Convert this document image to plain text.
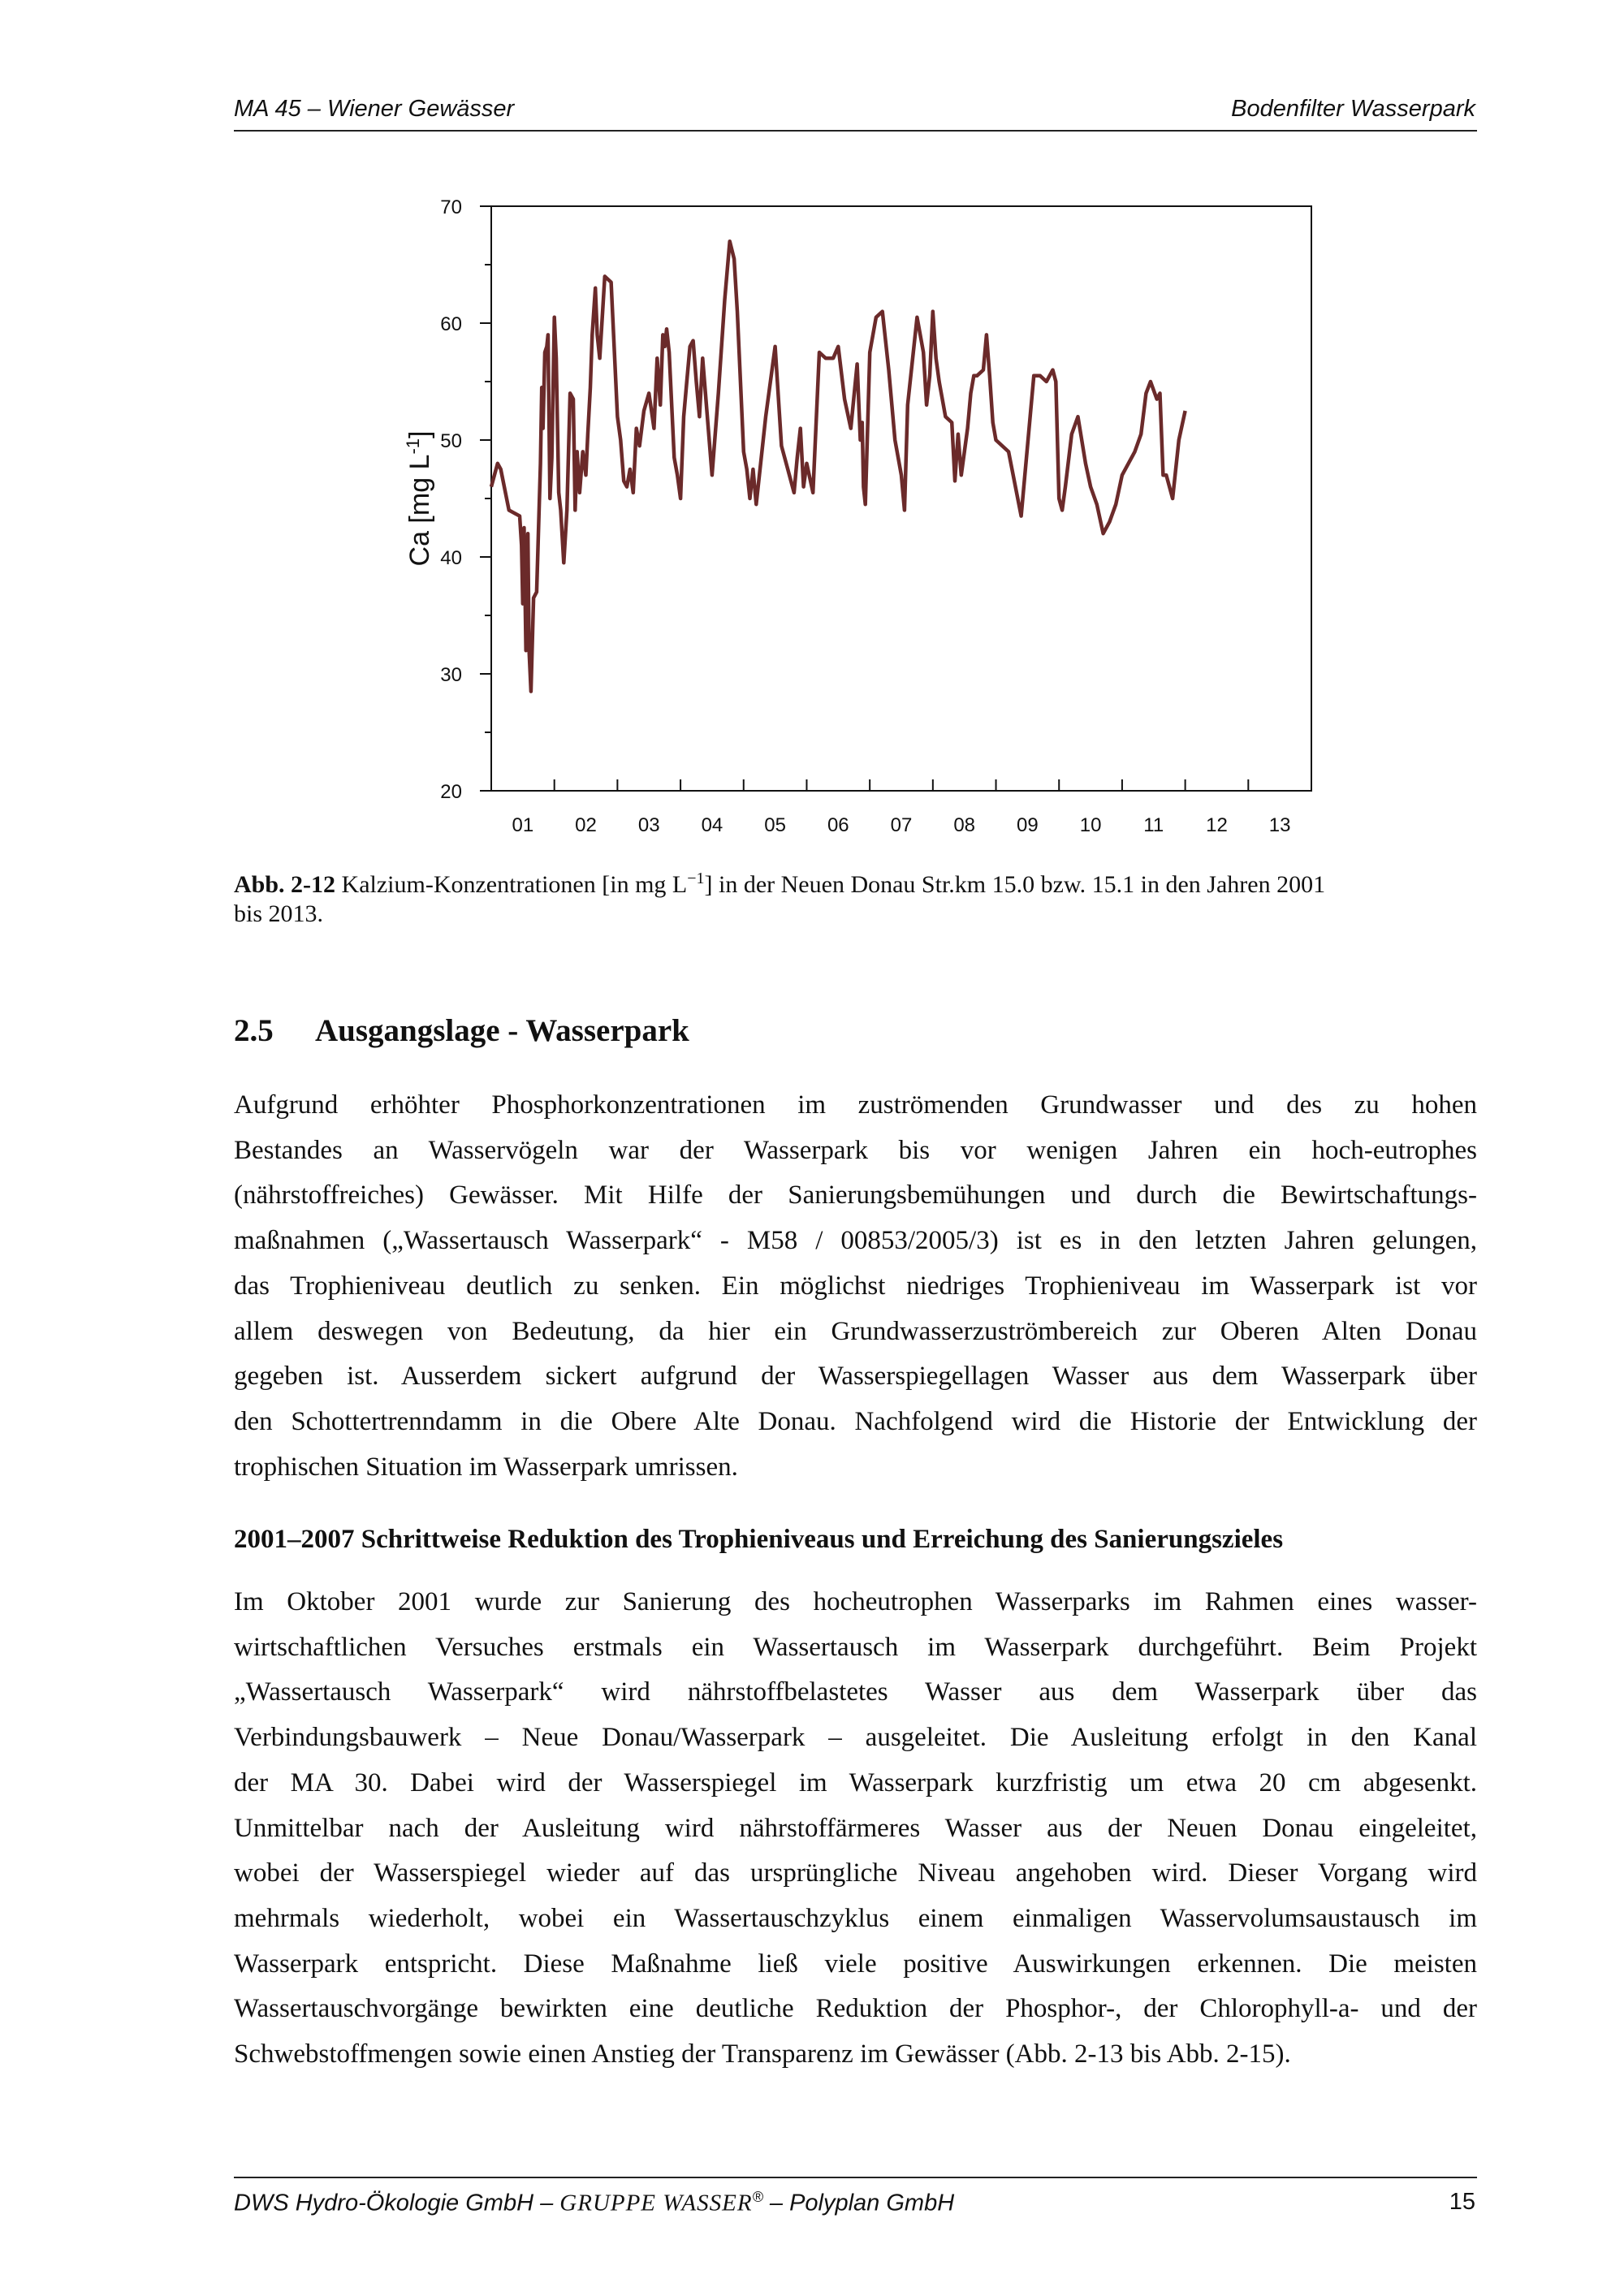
MA 45 – Wiener Gewässer	Bodenfilter Wasserpark
20
30
40
50
60
70
01 02 03 04 05 06 07 08 09 10 11 12 13
Ca [mg $L^{-1}$]
Abb. 2-12 Kalzium-Konzentrationen [in mg $L^{-1}$] in der Neuen Donau Str.km 15.0 bzw. 15.1 in den Jahren 2001
bis 2013.
2.5 Ausgangslage - Wasserpark
Aufgrund erhöhter Phosphorkonzentrationen im zuströmenden Grundwasser und des zu hohen
Bestandes an Wasservögeln war der Wasserpark bis vor wenigen Jahren ein hoch-eutrophes
(nährstoffreiches) Gewässer. Mit Hilfe der Sanierungsbemühungen und durch die Bewirtschaftungs-
maßnahmen („Wassertausch Wasserpark“ - M58 / 00853/2005/3) ist es in den letzten Jahren gelungen,
das Trophieniveau deutlich zu senken. Ein möglichst niedriges Trophieniveau im Wasserpark ist vor
allem deswegen von Bedeutung, da hier ein Grundwasserzuströmbereich zur Oberen Alten Donau
gegeben ist. Ausserdem sickert aufgrund der Wasserspiegellagen Wasser aus dem Wasserpark über
den Schottertrenndamm in die Obere Alte Donau. Nachfolgend wird die Historie der Entwicklung der
trophischen Situation im Wasserpark umrissen.
2001–2007 Schrittweise Reduktion des Trophieniveaus und Erreichung des Sanierungszieles
Im Oktober 2001 wurde zur Sanierung des hocheutrophen Wasserparks im Rahmen eines wasser-
wirtschaftlichen Versuches erstmals ein Wassertausch im Wasserpark durchgeführt. Beim Projekt
„Wassertausch Wasserpark“ wird nährstoffbelastetes Wasser aus dem Wasserpark über das
Verbindungsbauwerk – Neue Donau/Wasserpark – ausgeleitet. Die Ausleitung erfolgt in den Kanal
der MA 30. Dabei wird der Wasserspiegel im Wasserpark kurzfristig um etwa 20 cm abgesenkt.
Unmittelbar nach der Ausleitung wird nährstoffärmeres Wasser aus der Neuen Donau eingeleitet,
wobei der Wasserspiegel wieder auf das ursprüngliche Niveau angehoben wird. Dieser Vorgang wird
mehrmals wiederholt, wobei ein Wassertauschzyklus einem einmaligen Wasservolumsaustausch im
Wasserpark entspricht. Diese Maßnahme ließ viele positive Auswirkungen erkennen. Die meisten
Wassertauschvorgänge bewirkten eine deutliche Reduktion der Phosphor-, der Chlorophyll-a- und der
Schwebstoffmengen sowie einen Anstieg der Transparenz im Gewässer (Abb. 2-13 bis Abb. 2-15).
DWS Hydro-Ökologie GmbH – GRUPPE WASSER® – Polyplan GmbH	15
